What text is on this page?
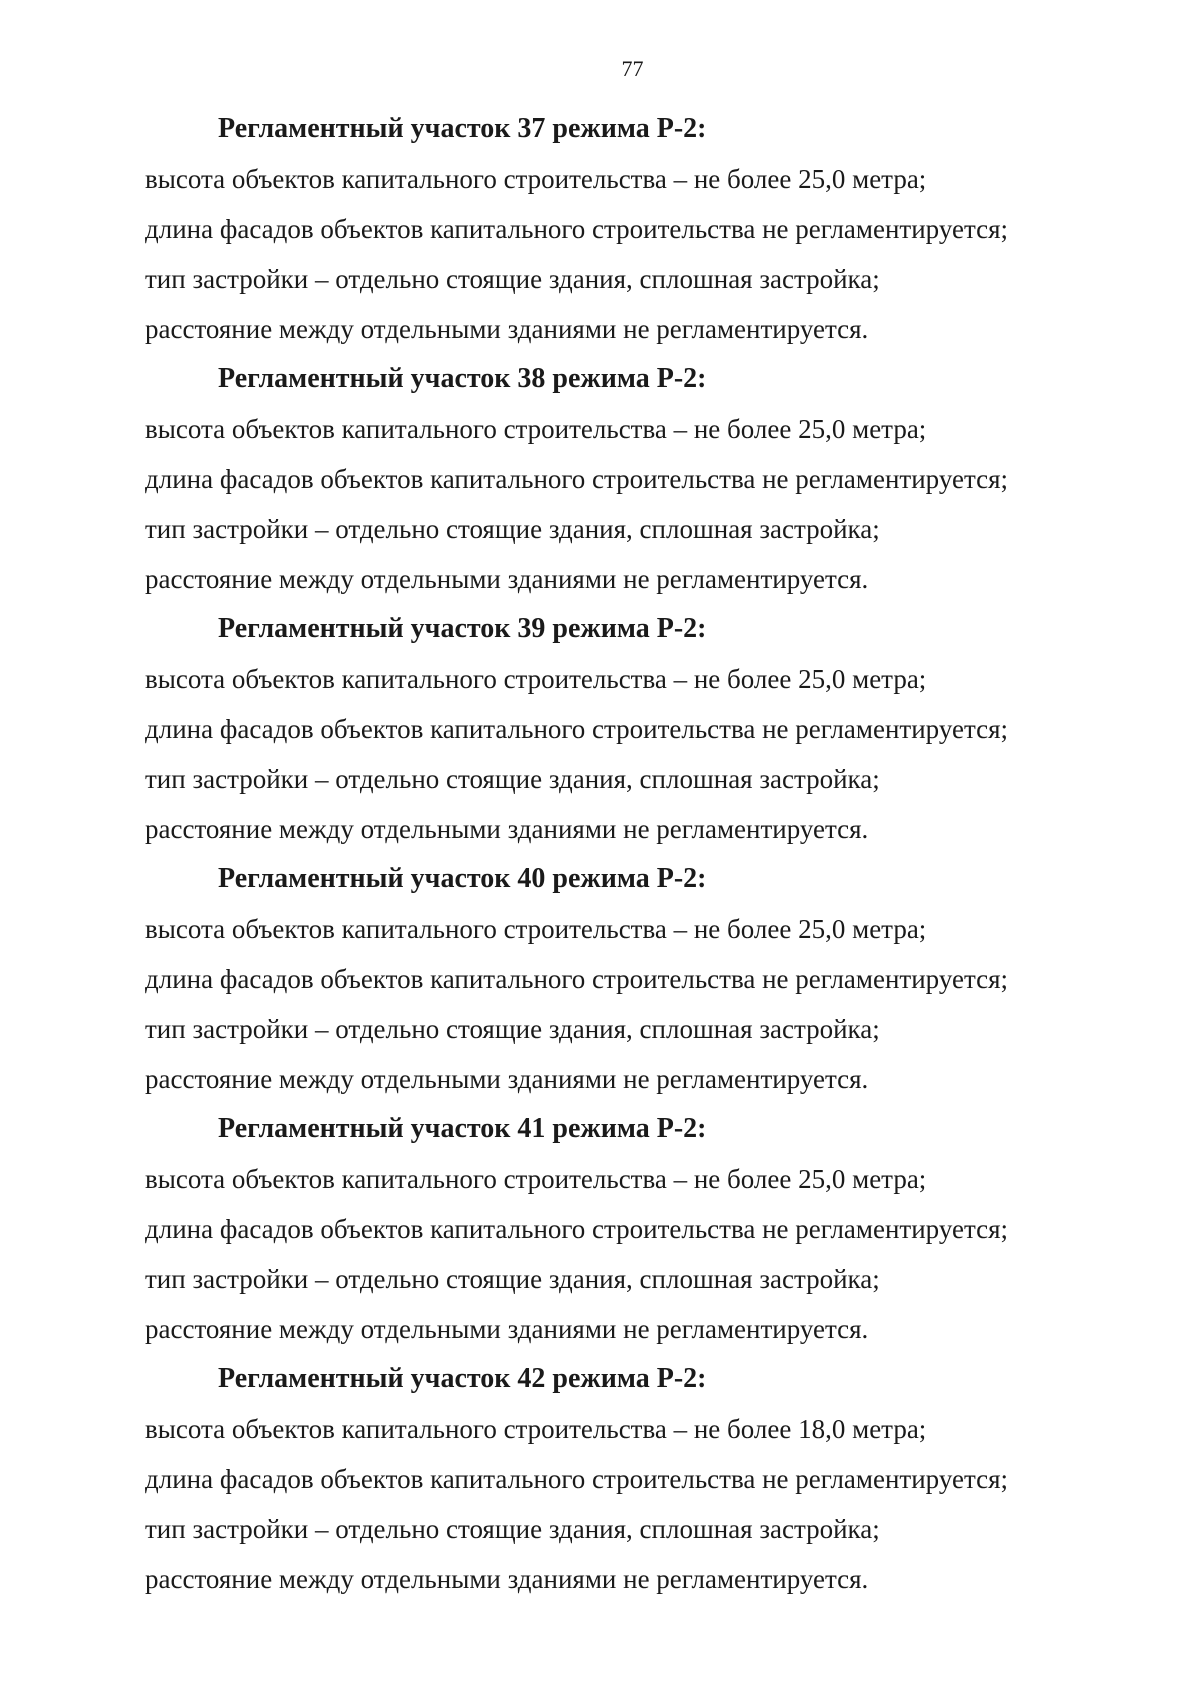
77
Регламентный участок 37 режима Р-2:
высота объектов капитального строительства – не более 25,0 метра;
длина фасадов объектов капитального строительства не регламентируется;
тип застройки – отдельно стоящие здания, сплошная застройка;
расстояние между отдельными зданиями не регламентируется.
Регламентный участок 38 режима Р-2:
высота объектов капитального строительства – не более 25,0 метра;
длина фасадов объектов капитального строительства не регламентируется;
тип застройки – отдельно стоящие здания, сплошная застройка;
расстояние между отдельными зданиями не регламентируется.
Регламентный участок 39 режима Р-2:
высота объектов капитального строительства – не более 25,0 метра;
длина фасадов объектов капитального строительства не регламентируется;
тип застройки – отдельно стоящие здания, сплошная застройка;
расстояние между отдельными зданиями не регламентируется.
Регламентный участок 40 режима Р-2:
высота объектов капитального строительства – не более 25,0 метра;
длина фасадов объектов капитального строительства не регламентируется;
тип застройки – отдельно стоящие здания, сплошная застройка;
расстояние между отдельными зданиями не регламентируется.
Регламентный участок 41 режима Р-2:
высота объектов капитального строительства – не более 25,0 метра;
длина фасадов объектов капитального строительства не регламентируется;
тип застройки – отдельно стоящие здания, сплошная застройка;
расстояние между отдельными зданиями не регламентируется.
Регламентный участок 42 режима Р-2:
высота объектов капитального строительства – не более 18,0 метра;
длина фасадов объектов капитального строительства не регламентируется;
тип застройки – отдельно стоящие здания, сплошная застройка;
расстояние между отдельными зданиями не регламентируется.
